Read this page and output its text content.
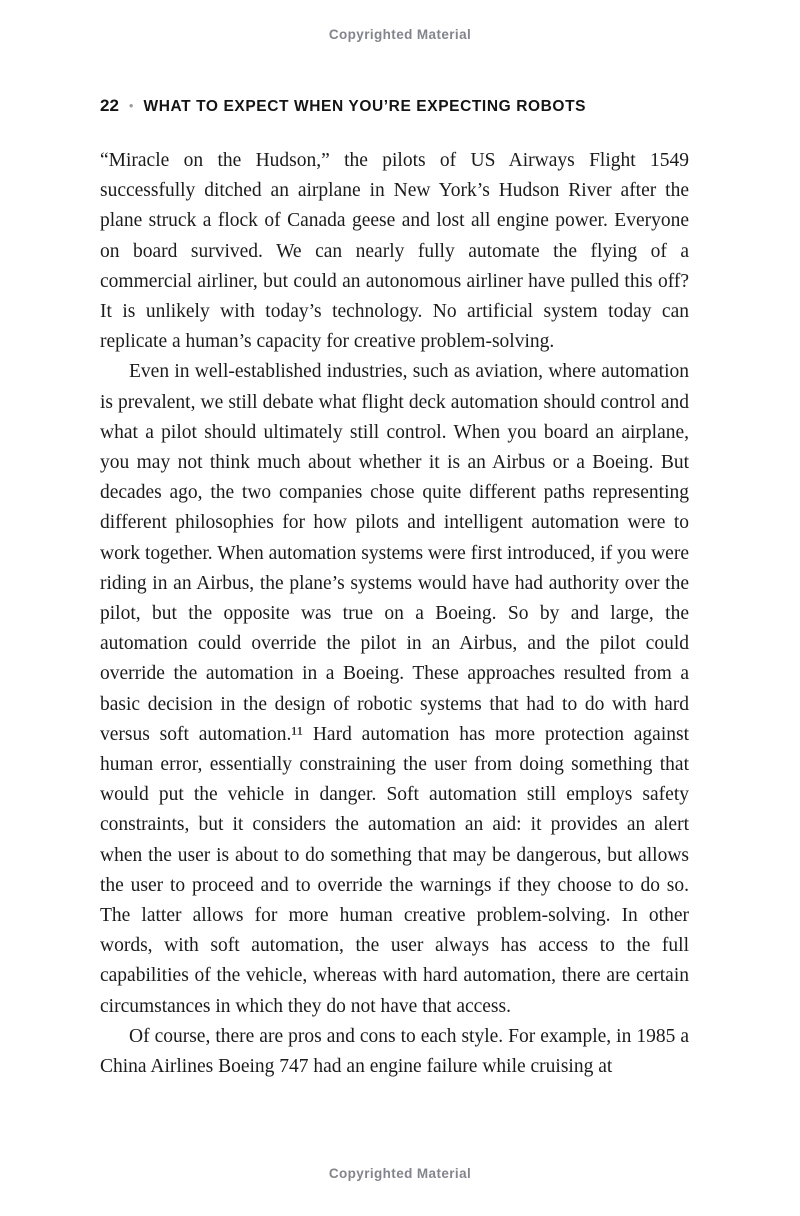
Copyrighted Material
22 • WHAT TO EXPECT WHEN YOU’RE EXPECTING ROBOTS

“Miracle on the Hudson,” the pilots of US Airways Flight 1549 successfully ditched an airplane in New York’s Hudson River after the plane struck a flock of Canada geese and lost all engine power. Everyone on board survived. We can nearly fully automate the flying of a commercial airliner, but could an autonomous airliner have pulled this off? It is unlikely with today’s technology. No artificial system today can replicate a human’s capacity for creative problem-solving.

Even in well-established industries, such as aviation, where automation is prevalent, we still debate what flight deck automation should control and what a pilot should ultimately still control. When you board an airplane, you may not think much about whether it is an Airbus or a Boeing. But decades ago, the two companies chose quite different paths representing different philosophies for how pilots and intelligent automation were to work together. When automation systems were first introduced, if you were riding in an Airbus, the plane’s systems would have had authority over the pilot, but the opposite was true on a Boeing. So by and large, the automation could override the pilot in an Airbus, and the pilot could override the automation in a Boeing. These approaches resulted from a basic decision in the design of robotic systems that had to do with hard versus soft automation.¹¹ Hard automation has more protection against human error, essentially constraining the user from doing something that would put the vehicle in danger. Soft automation still employs safety constraints, but it considers the automation an aid: it provides an alert when the user is about to do something that may be dangerous, but allows the user to proceed and to override the warnings if they choose to do so. The latter allows for more human creative problem-solving. In other words, with soft automation, the user always has access to the full capabilities of the vehicle, whereas with hard automation, there are certain circumstances in which they do not have that access.

Of course, there are pros and cons to each style. For example, in 1985 a China Airlines Boeing 747 had an engine failure while cruising at

Copyrighted Material
